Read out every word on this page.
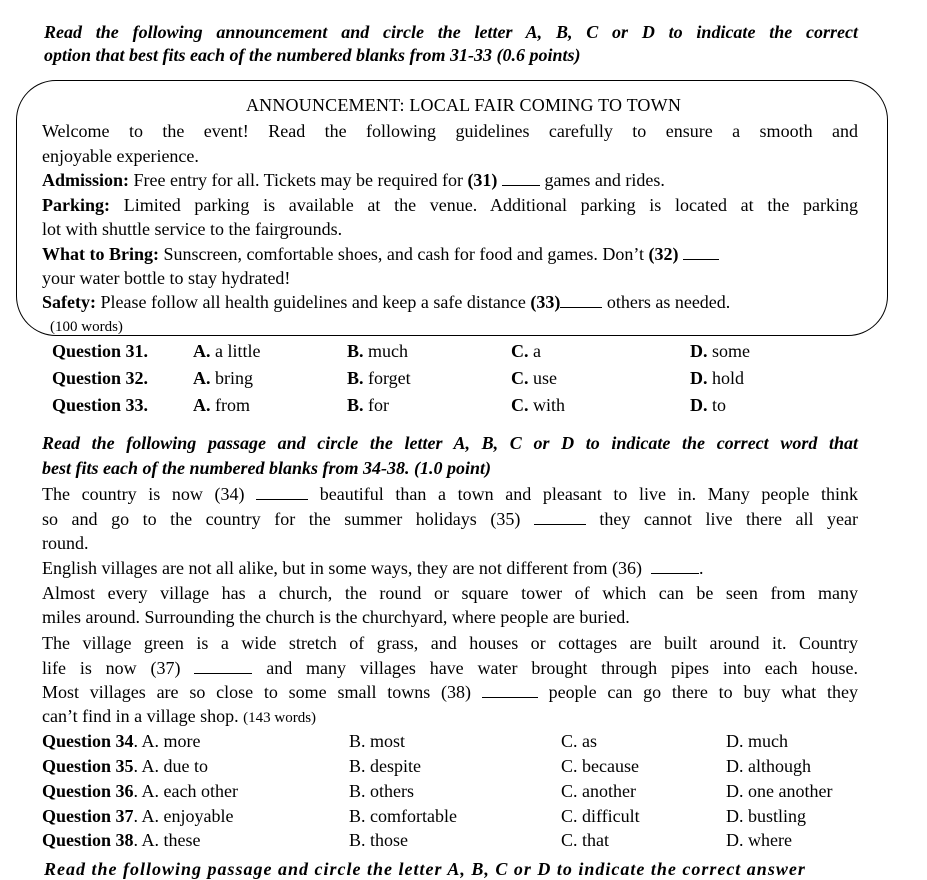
Read the following announcement and circle the letter A, B, C or D to indicate the correct
option that best fits each of the numbered blanks from 31-33 (0.6 points)
ANNOUNCEMENT: LOCAL FAIR COMING TO TOWN
Welcome to the event! Read the following guidelines carefully to ensure a smooth and
enjoyable experience.
Admission: Free entry for all. Tickets may be required for (31)	games and rides.
Parking: Limited parking is available at the venue. Additional parking is located at the parking
lot with shuttle service to the fairgrounds.
What to Bring: Sunscreen, comfortable shoes, and cash for food and games. Don’t (32)
your water bottle to stay hydrated!
Safety: Please follow all health guidelines and keep a safe distance (33)	others as needed.
(100 words)
Question 31. A. a little	B. much	C. a	D. some
Question 32. A. bring	B. forget	C. use	D. hold
Question 33. A. from	B. for	C. with	D. to
Read the following passage and circle the letter A, B, C or D to indicate the correct word that
best fits each of the numbered blanks from 34-38. (1.0 point)
The country is now (34)	beautiful than a town and pleasant to live in. Many people think
so and go to the country for the summer holidays (35)	they cannot live there all year
round.
English villages are not all alike, but in some ways, they are not different from (36)	.
Almost every village has a church, the round or square tower of which can be seen from many
miles around. Surrounding the church is the churchyard, where people are buried.
The village green is a wide stretch of grass, and houses or cottages are built around it. Country
life is now (37)	and many villages have water brought through pipes into each house.
Most villages are so close to some small towns (38)	people can go there to buy what they
can’t find in a village shop. (143 words)
Question 34. A. more	B. most	C. as	D. much
Question 35. A. due to	B. despite	C. because	D. although
Question 36. A. each other	B. others	C. another	D. one another
Question 37. A. enjoyable	B. comfortable	C. difficult	D. bustling
Question 38. A. these	B. those	C. that	D. where
Read the following passage and circle the letter A, B, C or D to indicate the correct answer
